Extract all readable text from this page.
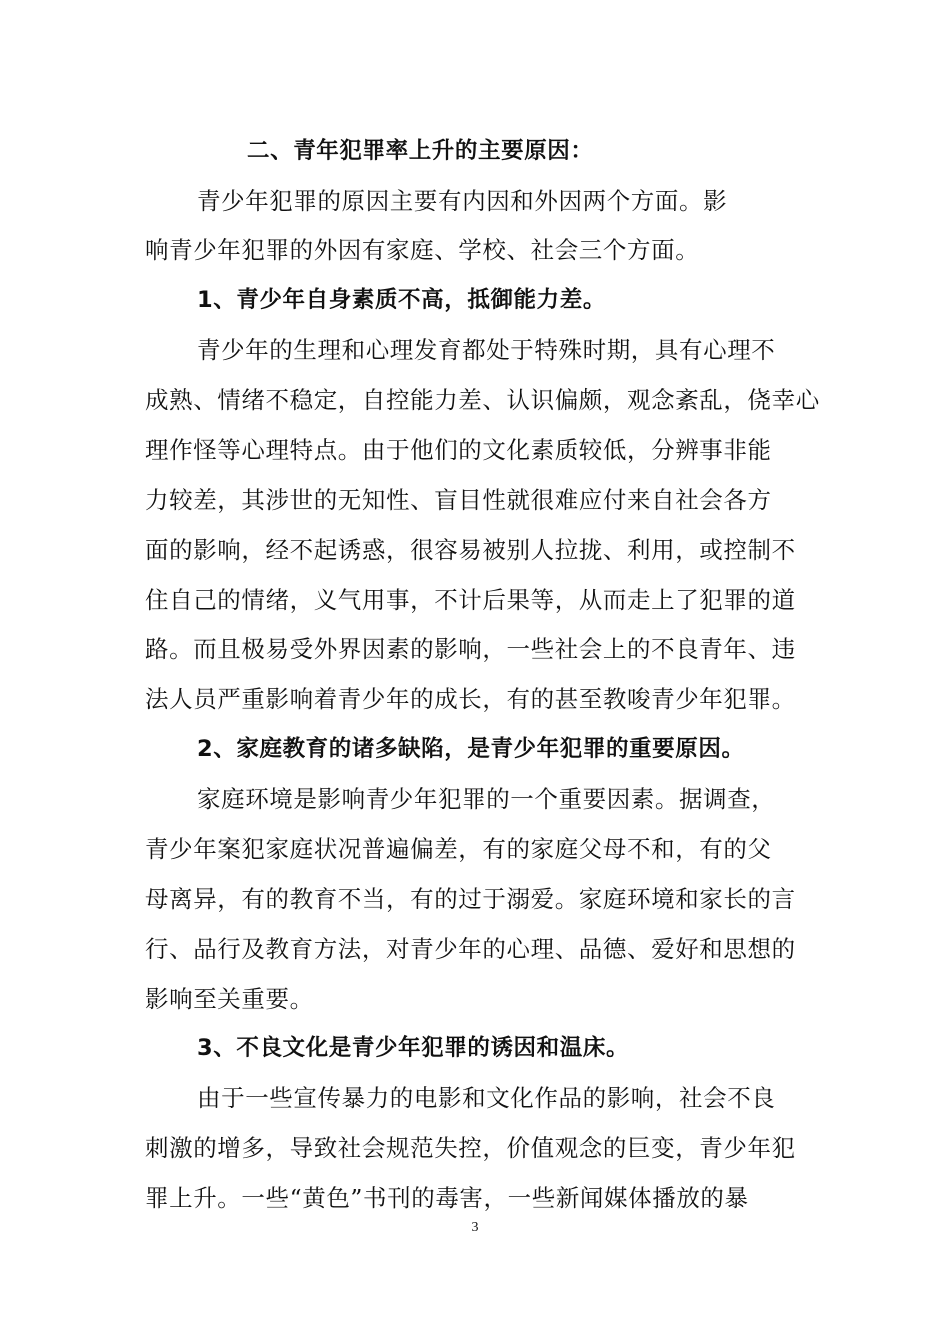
二、青年犯罪率上升的主要原因：
青少年犯罪的原因主要有内因和外因两个方面。影
响青少年犯罪的外因有家庭、学校、社会三个方面。
1、青少年自身素质不高，抵御能力差。
青少年的生理和心理发育都处于特殊时期，具有心理不
成熟、情绪不稳定，自控能力差、认识偏颇，观念紊乱，侥幸心
理作怪等心理特点。由于他们的文化素质较低，分辨事非能
力较差，其涉世的无知性、盲目性就很难应付来自社会各方
面的影响，经不起诱惑，很容易被别人拉拢、利用，或控制不
住自己的情绪，义气用事，不计后果等，从而走上了犯罪的道
路。而且极易受外界因素的影响，一些社会上的不良青年、违
法人员严重影响着青少年的成长，有的甚至教唆青少年犯罪。
2、家庭教育的诸多缺陷，是青少年犯罪的重要原因。
家庭环境是影响青少年犯罪的一个重要因素。据调查，
青少年案犯家庭状况普遍偏差，有的家庭父母不和，有的父
母离异，有的教育不当，有的过于溺爱。家庭环境和家长的言
行、品行及教育方法，对青少年的心理、品德、爱好和思想的
影响至关重要。
3、不良文化是青少年犯罪的诱因和温床。
由于一些宣传暴力的电影和文化作品的影响，社会不良
刺激的增多，导致社会规范失控，价值观念的巨变，青少年犯
罪上升。一些“黄色”书刊的毒害，一些新闻媒体播放的暴
3
